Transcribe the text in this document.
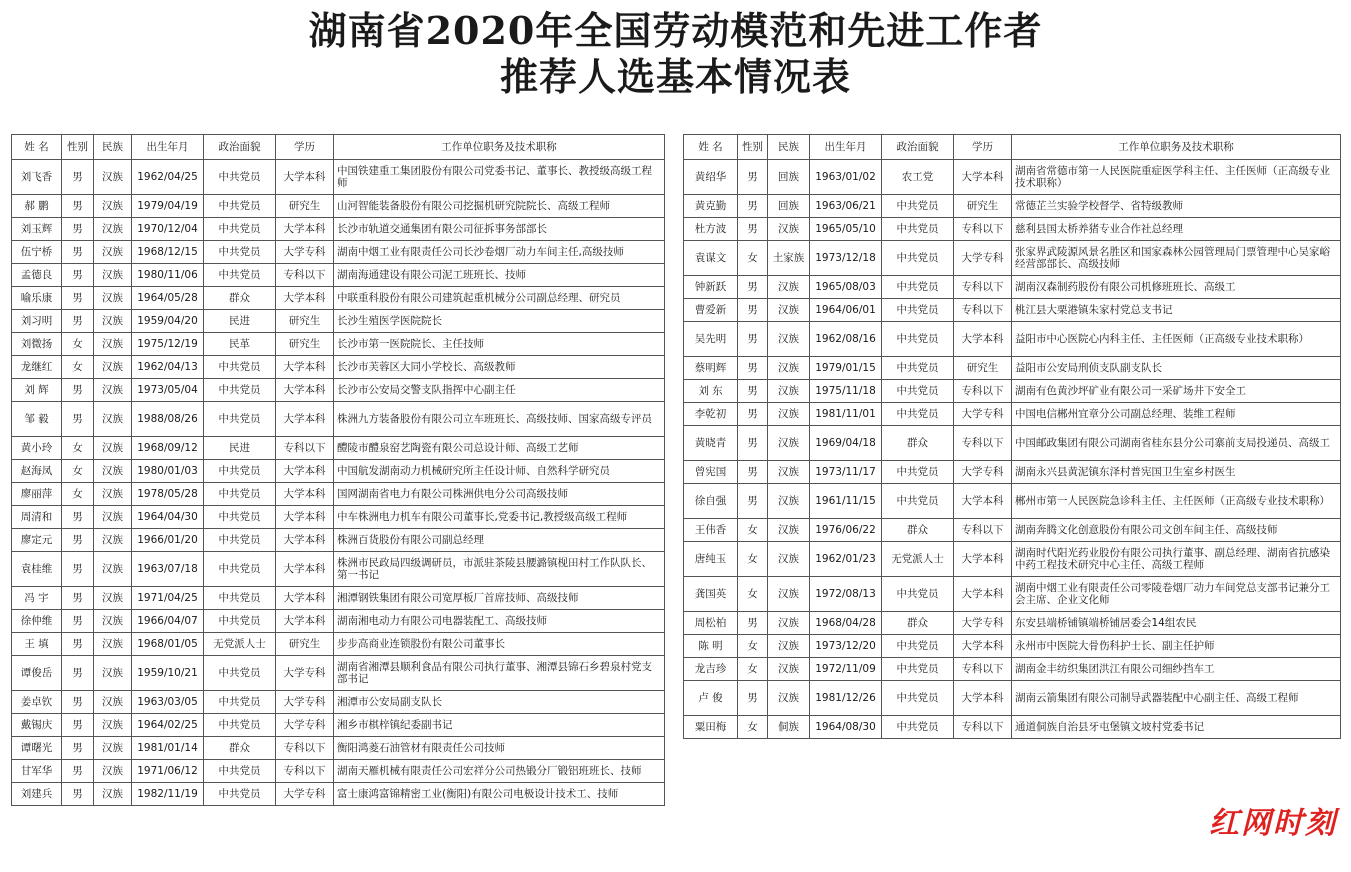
湖南省2020年全国劳动模范和先进工作者
推荐人选基本情况表
姓 名	性别	民族	出生年月	政治面貌	学历	工作单位职务及技术职称
刘飞香	男	汉族	1962/04/25	中共党员	大学本科	中国铁建重工集团股份有限公司党委书记、董事长、教授级高级工程师
郝 鹏	男	汉族	1979/04/19	中共党员	研究生	山河智能装备股份有限公司挖掘机研究院院长、高级工程师
刘玉辉	男	汉族	1970/12/04	中共党员	大学本科	长沙市轨道交通集团有限公司征拆事务部部长
伍宁桥	男	汉族	1968/12/15	中共党员	大学专科	湖南中烟工业有限责任公司长沙卷烟厂动力车间主任,高级技师
孟德良	男	汉族	1980/11/06	中共党员	专科以下	湖南海通建设有限公司泥工班班长、技师
喻乐康	男	汉族	1964/05/28	群众	大学本科	中联重科股份有限公司建筑起重机械分公司副总经理、研究员
刘习明	男	汉族	1959/04/20	民进	研究生	长沙生殖医学医院院长
刘微扬	女	汉族	1975/12/19	民革	研究生	长沙市第一医院院长、主任技师
龙继红	女	汉族	1962/04/13	中共党员	大学本科	长沙市芙蓉区大同小学校长、高级教师
刘 辉	男	汉族	1973/05/04	中共党员	大学本科	长沙市公安局交警支队指挥中心副主任
邹 毅	男	汉族	1988/08/26	中共党员	大学本科	株洲九方装备股份有限公司立车班班长、高级技师、国家高级专评员
黄小玲	女	汉族	1968/09/12	民进	专科以下	醴陵市醴泉窑艺陶瓷有限公司总设计师、高级工艺师
赵海凤	女	汉族	1980/01/03	中共党员	大学本科	中国航发湖南动力机械研究所主任设计师、自然科学研究员
廖丽萍	女	汉族	1978/05/28	中共党员	大学本科	国网湖南省电力有限公司株洲供电分公司高级技师
周清和	男	汉族	1964/04/30	中共党员	大学本科	中车株洲电力机车有限公司董事长,党委书记,教授级高级工程师
廖定元	男	汉族	1966/01/20	中共党员	大学本科	株洲百货股份有限公司副总经理
袁桂维	男	汉族	1963/07/18	中共党员	大学本科	株洲市民政局四级调研员，市派驻茶陵县腰潞镇枧田村工作队队长、第一书记
冯 宇	男	汉族	1971/04/25	中共党员	大学本科	湘潭钢铁集团有限公司宽厚板厂首席技师、高级技师
徐仲维	男	汉族	1966/04/07	中共党员	大学本科	湖南湘电动力有限公司电器装配工、高级技师
王 填	男	汉族	1968/01/05	无党派人士	研究生	步步高商业连锁股份有限公司董事长
谭俊岳	男	汉族	1959/10/21	中共党员	大学专科	湖南省湘潭县顺利食品有限公司执行董事、湘潭县锦石乡碧泉村党支部书记
姜卓钦	男	汉族	1963/03/05	中共党员	大学专科	湘潭市公安局副支队长
戴锡庆	男	汉族	1964/02/25	中共党员	大学专科	湘乡市棋梓镇纪委副书记
谭曙光	男	汉族	1981/01/14	群众	专科以下	衡阳鸿菱石油管材有限责任公司技师
甘军华	男	汉族	1971/06/12	中共党员	专科以下	湖南天雁机械有限责任公司宏祥分公司热锻分厂锻铝班班长、技师
刘建兵	男	汉族	1982/11/19	中共党员	大学专科	富士康鸿富锦精密工业(衡阳)有限公司电极设计技术工、技师
姓 名	性别	民族	出生年月	政治面貌	学历	工作单位职务及技术职称
黄绍华	男	回族	1963/01/02	农工党	大学本科	湖南省常德市第一人民医院重症医学科主任、主任医师（正高级专业技术职称）
黄克勤	男	回族	1963/06/21	中共党员	研究生	常德芷兰实验学校督学、省特级教师
杜方波	男	汉族	1965/05/10	中共党员	专科以下	慈利县国太桥养猪专业合作社总经理
袁谋文	女	土家族	1973/12/18	中共党员	大学专科	张家界武陵源风景名胜区和国家森林公园管理局门票管理中心吴家峪经营部部长、高级技师
钟新跃	男	汉族	1965/08/03	中共党员	专科以下	湖南汉森制药股份有限公司机修班班长、高级工
曹爱新	男	汉族	1964/06/01	中共党员	专科以下	桃江县大栗港镇朱家村党总支书记
吴先明	男	汉族	1962/08/16	中共党员	大学本科	益阳市中心医院心内科主任、主任医师（正高级专业技术职称）
蔡明辉	男	汉族	1979/01/15	中共党员	研究生	益阳市公安局刑侦支队副支队长
刘 东	男	汉族	1975/11/18	中共党员	专科以下	湖南有色黄沙坪矿业有限公司一采矿场井下安全工
李乾初	男	汉族	1981/11/01	中共党员	大学专科	中国电信郴州宜章分公司副总经理、装维工程师
黄晓青	男	汉族	1969/04/18	群众	专科以下	中国邮政集团有限公司湖南省桂东县分公司寨前支局投递员、高级工
曾宪国	男	汉族	1973/11/17	中共党员	大学专科	湖南永兴县黄泥镇东泽村普宪国卫生室乡村医生
徐自强	男	汉族	1961/11/15	中共党员	大学本科	郴州市第一人民医院急诊科主任、主任医师（正高级专业技术职称）
王伟香	女	汉族	1976/06/22	群众	专科以下	湖南奔腾文化创意股份有限公司文创车间主任、高级技师
唐纯玉	女	汉族	1962/01/23	无党派人士	大学本科	湖南时代阳光药业股份有限公司执行董事、副总经理、湖南省抗感染中药工程技术研究中心主任、高级工程师
龚国英	女	汉族	1972/08/13	中共党员	大学本科	湖南中烟工业有限责任公司零陵卷烟厂动力车间党总支部书记兼分工会主席、企业文化师
周松柏	男	汉族	1968/04/28	群众	大学专科	东安县端桥铺镇端桥铺居委会14组农民
陈 明	女	汉族	1973/12/20	中共党员	大学本科	永州市中医院大骨伤科护士长、副主任护师
龙吉珍	女	汉族	1972/11/09	中共党员	专科以下	湖南金丰纺织集团洪江有限公司细纱挡车工
卢 俊	男	汉族	1981/12/26	中共党员	大学本科	湖南云箭集团有限公司制导武器装配中心副主任、高级工程师
粟田梅	女	侗族	1964/08/30	中共党员	专科以下	通道侗族自治县牙屯堡镇文坡村党委书记
红网时刻
